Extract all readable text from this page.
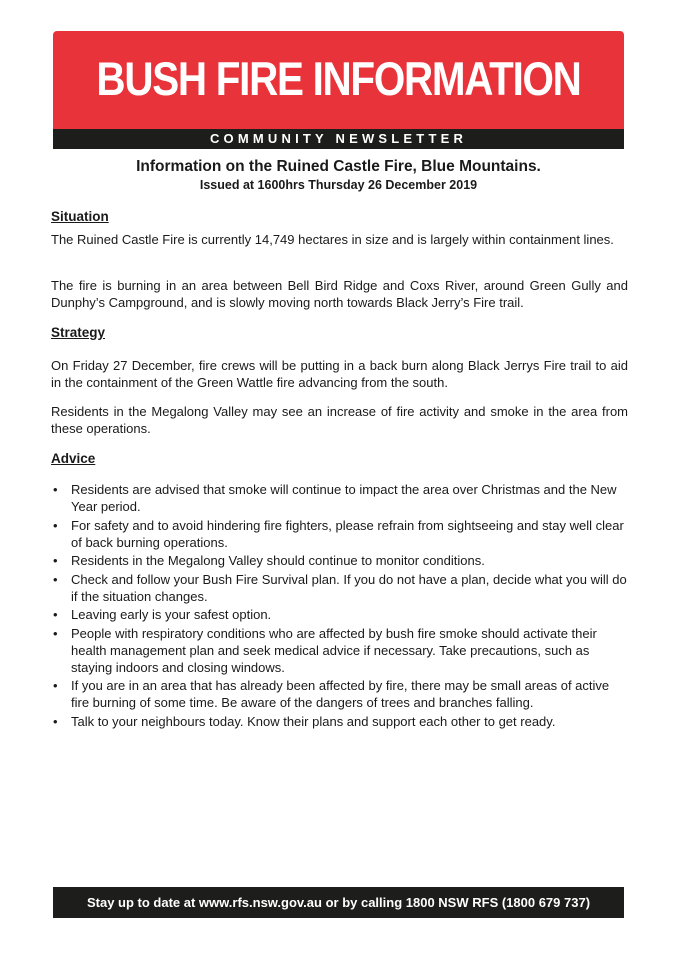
BUSH FIRE INFORMATION
COMMUNITY NEWSLETTER
Information on the Ruined Castle Fire, Blue Mountains.
Issued at 1600hrs Thursday 26 December 2019
Situation

The Ruined Castle Fire is currently 14,749 hectares in size and is largely within containment lines.

The fire is burning in an area between Bell Bird Ridge and Coxs River, around Green Gully and Dunphy’s Campground, and is slowly moving north towards Black Jerry’s Fire trail.

Strategy

On Friday 27 December, fire crews will be putting in a back burn along Black Jerrys Fire trail to aid in the containment of the Green Wattle fire advancing from the south.

Residents in the Megalong Valley may see an increase of fire activity and smoke in the area from these operations.

Advice
• Residents are advised that smoke will continue to impact the area over Christmas and the New Year period.
• For safety and to avoid hindering fire fighters, please refrain from sightseeing and stay well clear of back burning operations.
• Residents in the Megalong Valley should continue to monitor conditions.
• Check and follow your Bush Fire Survival plan. If you do not have a plan, decide what you will do if the situation changes.
• Leaving early is your safest option.
• People with respiratory conditions who are affected by bush fire smoke should activate their health management plan and seek medical advice if necessary. Take precautions, such as staying indoors and closing windows.
• If you are in an area that has already been affected by fire, there may be small areas of active fire burning of some time. Be aware of the dangers of trees and branches falling.
• Talk to your neighbours today. Know their plans and support each other to get ready.
Stay up to date at www.rfs.nsw.gov.au or by calling 1800 NSW RFS (1800 679 737)
